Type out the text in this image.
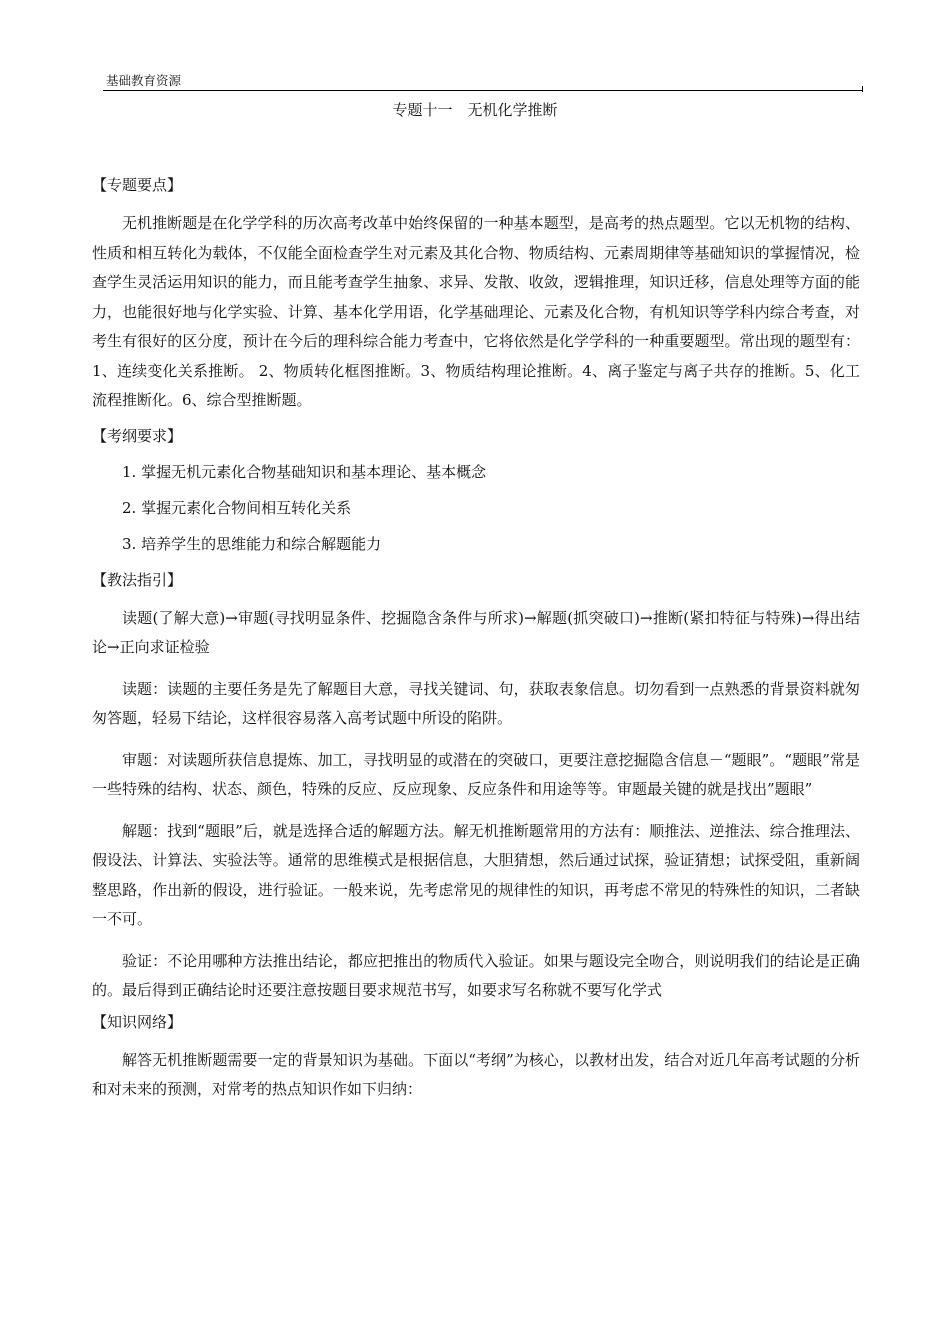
基础教育资源
专题十一　无机化学推断
【专题要点】

无机推断题是在化学学科的历次高考改革中始终保留的一种基本题型，是高考的热点题型。它以无机物的结构、性质和相互转化为载体，不仅能全面检查学生对元素及其化合物、物质结构、元素周期律等基础知识的掌握情况，检查学生灵活运用知识的能力，而且能考查学生抽象、求异、发散、收敛，逻辑推理，知识迁移，信息处理等方面的能力，也能很好地与化学实验、计算、基本化学用语，化学基础理论、元素及化合物，有机知识等学科内综合考查，对考生有很好的区分度，预计在今后的理科综合能力考查中，它将依然是化学学科的一种重要题型。常出现的题型有：1、连续变化关系推断。 2、物质转化框图推断。3、物质结构理论推断。4、离子鉴定与离子共存的推断。5、化工流程推断化。6、综合型推断题。

【考纲要求】
1. 掌握无机元素化合物基础知识和基本理论、基本概念
2. 掌握元素化合物间相互转化关系
3. 培养学生的思维能力和综合解题能力
【教法指引】

读题(了解大意)→审题(寻找明显条件、挖掘隐含条件与所求)→解题(抓突破口)→推断(紧扣特征与特殊)→得出结论→正向求证检验

读题：读题的主要任务是先了解题目大意，寻找关键词、句，获取表象信息。切勿看到一点熟悉的背景资料就匆匆答题，轻易下结论，这样很容易落入高考试题中所设的陷阱。

审题：对读题所获信息提炼、加工，寻找明显的或潜在的突破口，更要注意挖掘隐含信息－“题眼”。“题眼”常是一些特殊的结构、状态、颜色，特殊的反应、反应现象、反应条件和用途等等。审题最关键的就是找出”题眼”

解题：找到“题眼”后，就是选择合适的解题方法。解无机推断题常用的方法有：顺推法、逆推法、综合推理法、假设法、计算法、实验法等。通常的思维模式是根据信息，大胆猜想，然后通过试探，验证猜想；试探受阻，重新阔整思路，作出新的假设，进行验证。一般来说，先考虑常见的规律性的知识，再考虑不常见的特殊性的知识，二者缺一不可。

验证：不论用哪种方法推出结论，都应把推出的物质代入验证。如果与题设完全吻合，则说明我们的结论是正确的。最后得到正确结论时还要注意按题目要求规范书写，如要求写名称就不要写化学式

【知识网络】

解答无机推断题需要一定的背景知识为基础。下面以“考纲”为核心，以教材出发，结合对近几年高考试题的分析和对未来的预测，对常考的热点知识作如下归纳：
